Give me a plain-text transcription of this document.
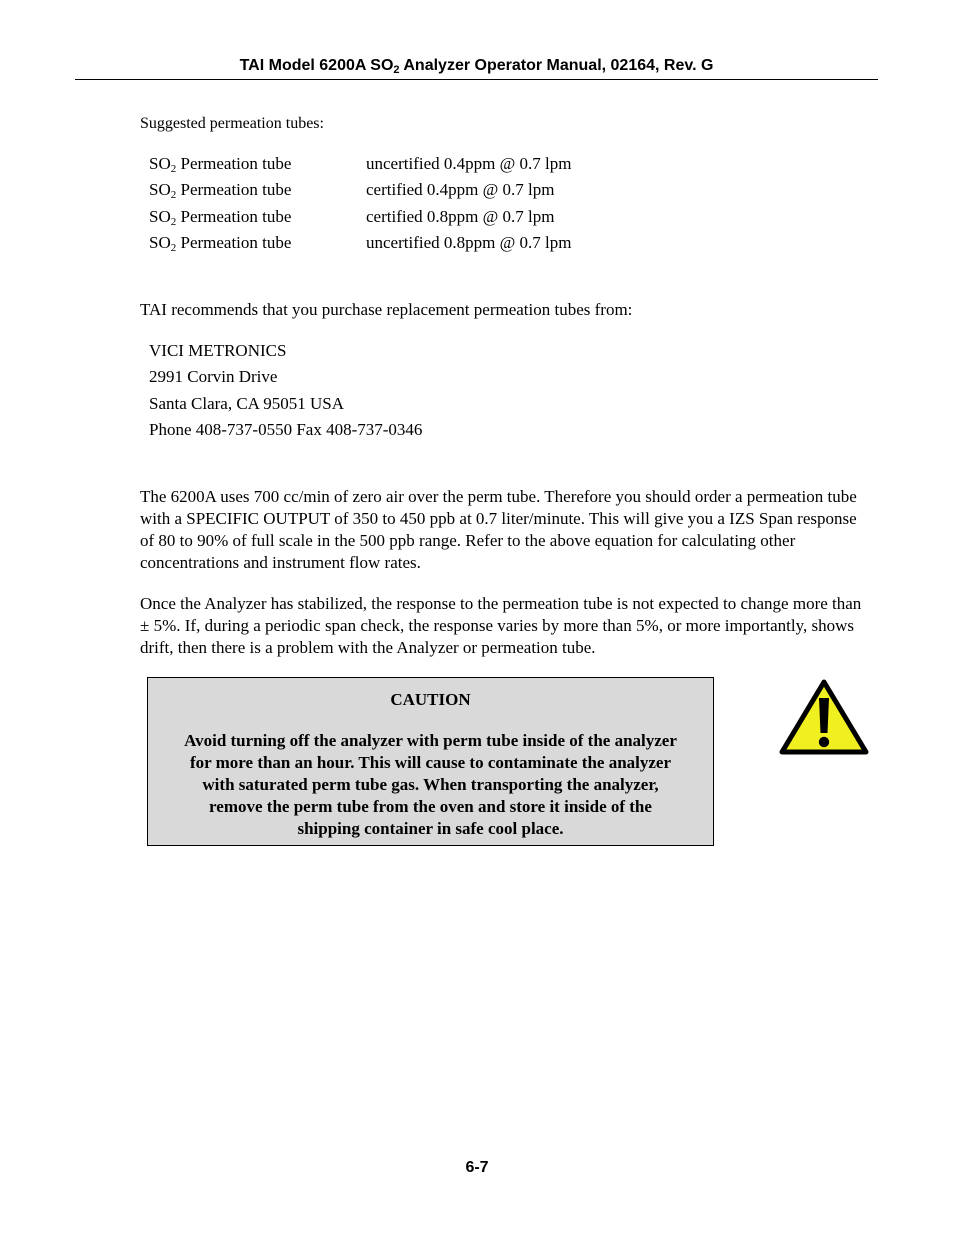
TAI Model 6200A $SO_2$ Analyzer Operator Manual, 02164, Rev. G
Suggested permeation tubes:
$SO_2$ Permeation tube	uncertified 0.4ppm @ 0.7 lpm
$SO_2$ Permeation tube	certified 0.4ppm @ 0.7 lpm
$SO_2$ Permeation tube	certified 0.8ppm @ 0.7 lpm
$SO_2$ Permeation tube	uncertified 0.8ppm @ 0.7 lpm
TAI recommends that you purchase replacement permeation tubes from:
VICI METRONICS
2991 Corvin Drive
Santa Clara, CA 95051 USA
Phone 408-737-0550 Fax 408-737-0346
The 6200A uses 700 cc/min of zero air over the perm tube. Therefore you should order a permeation tube with a SPECIFIC OUTPUT of 350 to 450 ppb at 0.7 liter/minute. This will give you a IZS Span response of 80 to 90% of full scale in the 500 ppb range. Refer to the above equation for calculating other concentrations and instrument flow rates.
Once the Analyzer has stabilized, the response to the permeation tube is not expected to change more than ± 5%. If, during a periodic span check, the response varies by more than 5%, or more importantly, shows drift, then there is a problem with the Analyzer or permeation tube.
CAUTION
Avoid turning off the analyzer with perm tube inside of the analyzer for more than an hour. This will cause to contaminate the analyzer with saturated perm tube gas. When transporting the analyzer, remove the perm tube from the oven and store it inside of the shipping container in safe cool place.
6-7
